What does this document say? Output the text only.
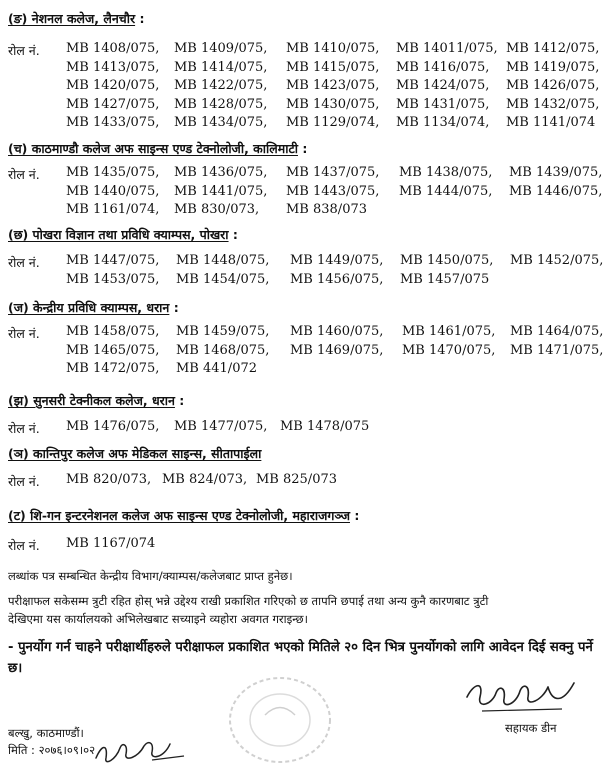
(ङ) नेशनल कलेज, लैनचौर :
रोल नं. MB 1408/075, MB 1409/075, MB 1410/075, MB 14011/075, MB 1412/075,
MB 1413/075, MB 1414/075, MB 1415/075, MB 1416/075, MB 1419/075,
MB 1420/075, MB 1422/075, MB 1423/075, MB 1424/075, MB 1426/075,
MB 1427/075, MB 1428/075, MB 1430/075, MB 1431/075, MB 1432/075,
MB 1433/075, MB 1434/075, MB 1129/074, MB 1134/074, MB 1141/074
(च) काठमाण्डौ कलेज अफ साइन्स एण्ड टेक्नोलोजी, कालिमाटी :
रोल नं. MB 1435/075, MB 1436/075, MB 1437/075, MB 1438/075, MB 1439/075,
MB 1440/075, MB 1441/075, MB 1443/075, MB 1444/075, MB 1446/075,
MB 1161/074, MB 830/073, MB 838/073
(छ) पोखरा विज्ञान तथा प्रविधि क्याम्पस, पोखरा :
रोल नं. MB 1447/075, MB 1448/075, MB 1449/075, MB 1450/075, MB 1452/075,
MB 1453/075, MB 1454/075, MB 1456/075, MB 1457/075
(ज) केन्द्रीय प्रविधि क्याम्पस, धरान :
रोल नं. MB 1458/075, MB 1459/075, MB 1460/075, MB 1461/075, MB 1464/075,
MB 1465/075, MB 1468/075, MB 1469/075, MB 1470/075, MB 1471/075,
MB 1472/075, MB 441/072
(झ) सुनसरी टेक्नीकल कलेज, धरान :
रोल नं. MB 1476/075, MB 1477/075, MB 1478/075
(ञ) कान्तिपुर कलेज अफ मेडिकल साइन्स, सीतापाईला
रोल नं. MB 820/073, MB 824/073, MB 825/073
(ट) शि-गन इन्टरनेशनल कलेज अफ साइन्स एण्ड टेक्नोलोजी, महाराजगञ्ज :
रोल नं. MB 1167/074
लब्धांक पत्र सम्बन्धित केन्द्रीय विभाग/क्याम्पस/कलेजबाट प्राप्त हुनेछ।
परीक्षाफल सकेसम्म त्रुटी रहित होस् भन्ने उद्देश्य राखी प्रकाशित गरिएको छ तापनि छपाई तथा अन्य कुनै कारणबाट त्रुटी
देखिएमा यस कार्यालयको अभिलेखबाट सच्याइने व्यहोरा अवगत गराइन्छ।
- पुनर्योग गर्न चाहने परीक्षार्थीहरुले परीक्षाफल प्रकाशित भएको मितिले २० दिन भित्र पुनर्योगको लागि आवेदन दिई सक्नु पर्ने छ।
सहायक डीन
बल्खु, काठमाण्डौं।
मिति : २०७६।०९।०२
